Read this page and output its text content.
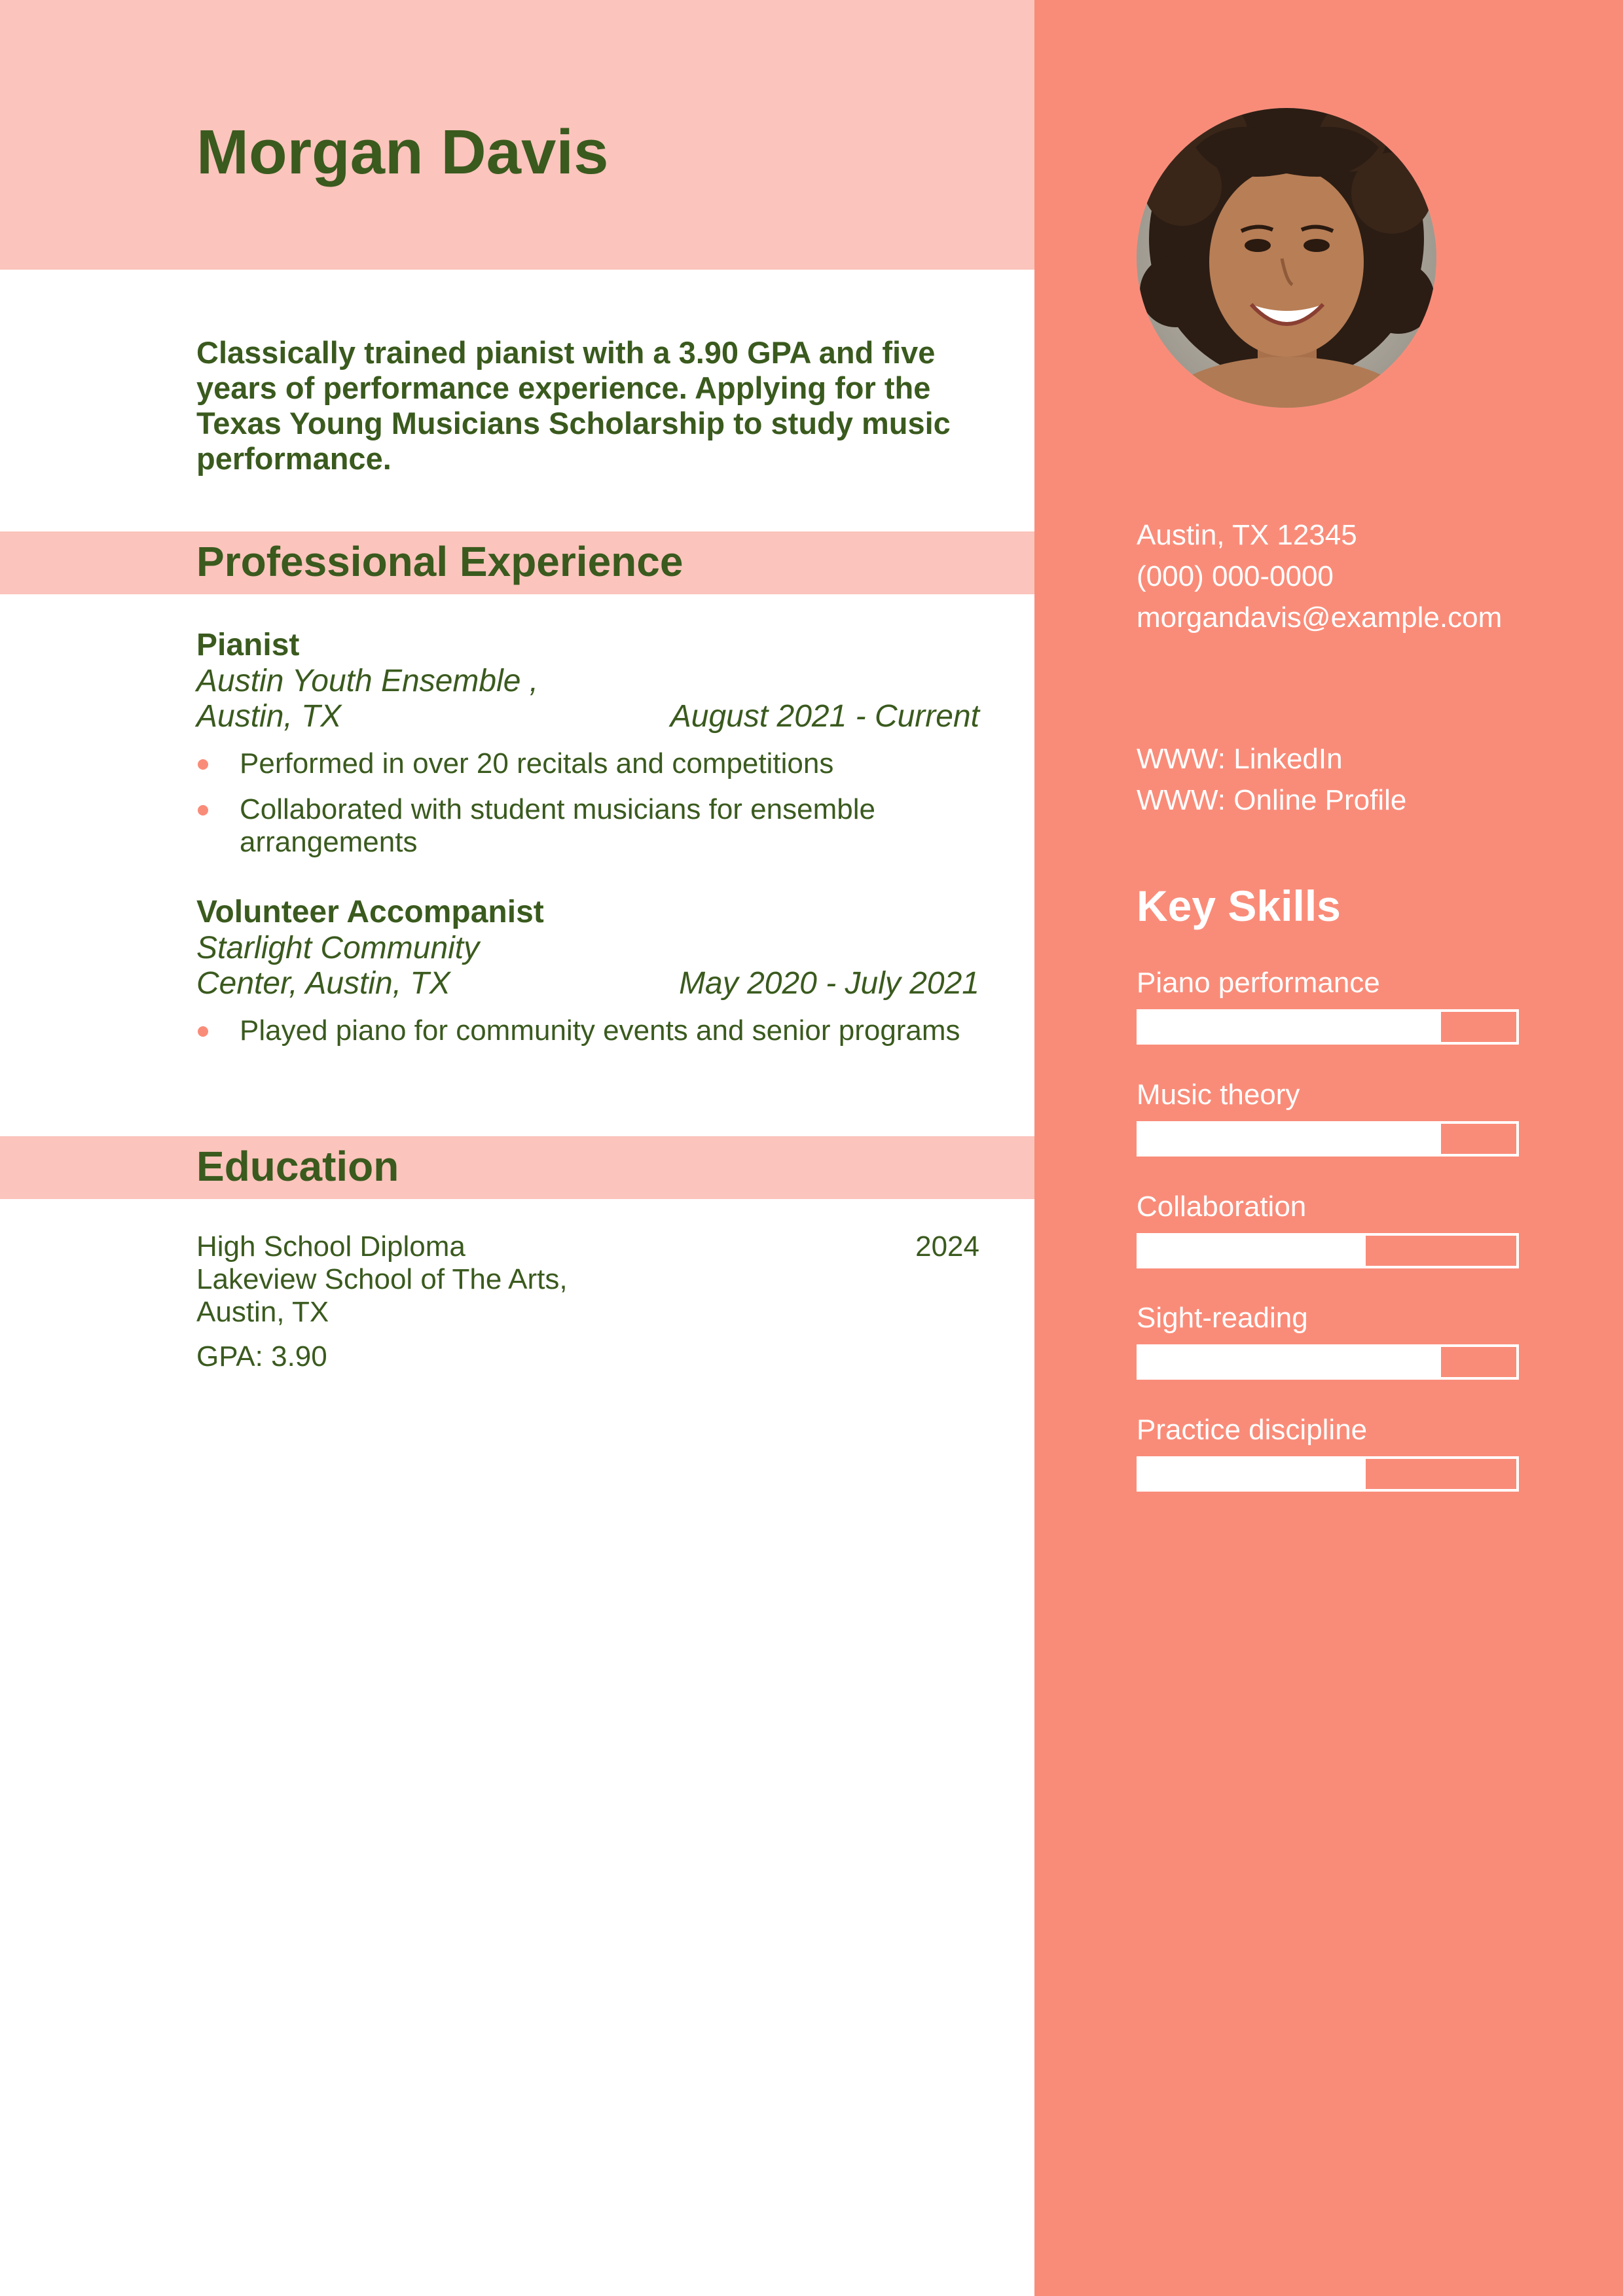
Morgan Davis

Classically trained pianist with a 3.90 GPA and five years of performance experience. Applying for the Texas Young Musicians Scholarship to study music performance.

Professional Experience
Pianist
Austin Youth Ensemble ,
Austin, TX	August 2021 - Current
Performed in over 20 recitals and competitions
Collaborated with student musicians for ensemble arrangements
Volunteer Accompanist
Starlight Community
Center, Austin, TX	May 2020 - July 2021
Played piano for community events and senior programs
Education
High School Diploma	2024
Lakeview School of The Arts,
Austin, TX
GPA: 3.90
Austin, TX 12345
(000) 000-0000
morgandavis@example.com
WWW: LinkedIn
WWW: Online Profile
Key Skills
Piano performance
Music theory
Collaboration
Sight-reading
Practice discipline
